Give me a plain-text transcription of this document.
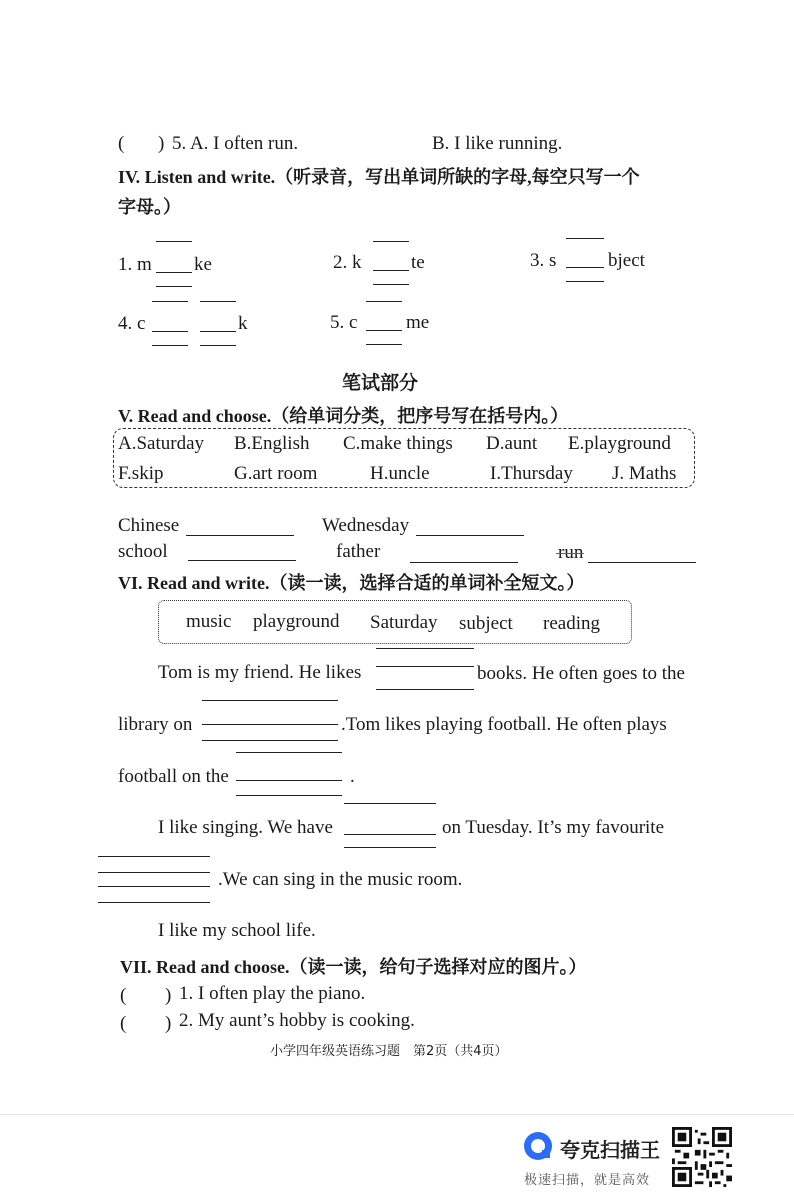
( ) 5. A. I often run.	B. I like running.
IV. Listen and write.（听录音，写出单词所缺的字母,每空只写一个
字母。）
1. m ke	2. k	te	3. s	bject
4. c	k	5. c	me
笔试部分
V. Read and choose.（给单词分类，把序号写在括号内。）
A.Saturday B.English C.make things D.aunt E.playground
F.skip	G.art room	H.uncle	I.Thursday J. Maths
Chinese	Wednesday
school	father	run
VI. Read and write.（读一读，选择合适的单词补全短文。）
music playground Saturday subject reading
Tom is my friend. He likes	books. He often goes to the
library on	.Tom likes playing football. He often plays
football on the	.
I like singing. We have	on Tuesday. It’s my favourite
.We can sing in the music room.
I like my school life.
VII. Read and choose.（读一读，给句子选择对应的图片。）
( ) 1. I often play the piano.
( ) 2. My aunt’s hobby is cooking.
小学四年级英语练习题　第2页（共4页）
夸克扫描王
极速扫描，就是高效
